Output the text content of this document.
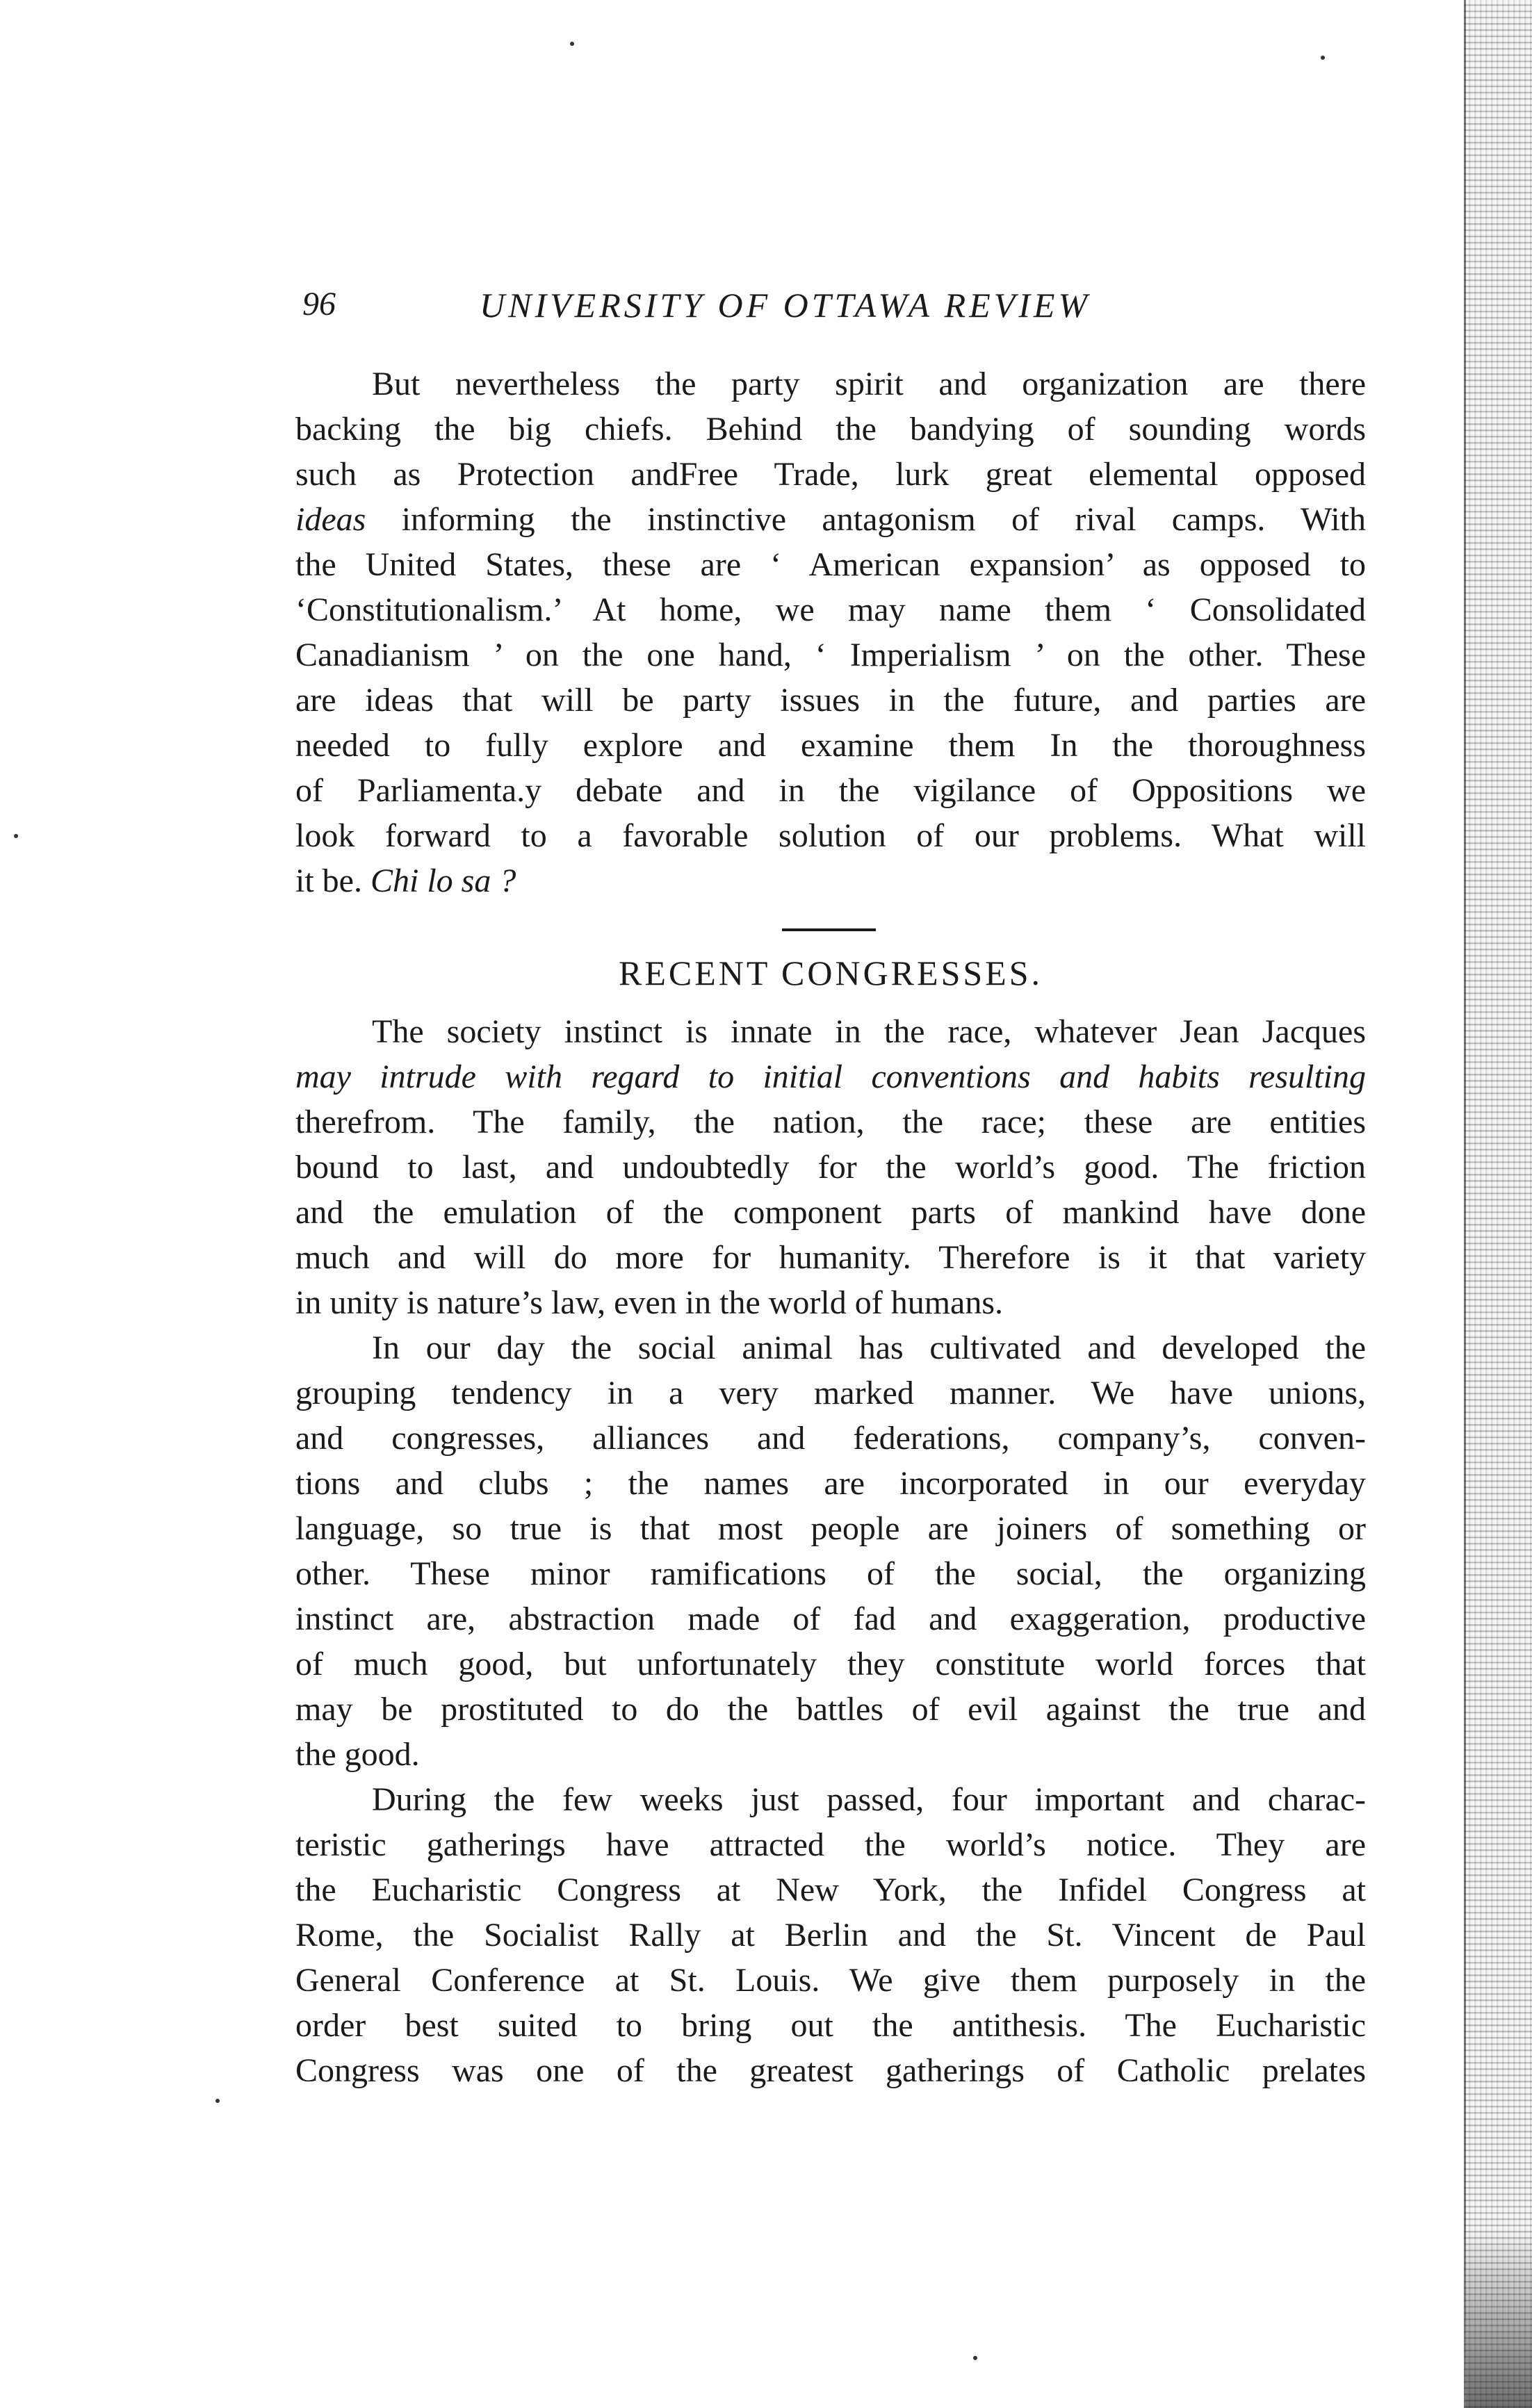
96	UNIVERSITY OF OTTAWA REVIEW
But nevertheless the party spirit and organization are there
backing the big chiefs. Behind the bandying of sounding words
such as Protection andFree Trade, lurk great elemental opposed
ideas informing the instinctive antagonism of rival camps. With
the United States, these are ‘ American expansion’ as opposed to
‘Constitutionalism.’ At home, we may name them ‘ Consolidated
Canadianism ’ on the one hand, ‘ Imperialism ’ on the other. These
are ideas that will be party issues in the future, and parties are
needed to fully explore and examine them In the thoroughness
of Parliamenta.y debate and in the vigilance of Oppositions we
look forward to a favorable solution of our problems. What will
it be. Chi lo sa ?
RECENT CONGRESSES.
The society instinct is innate in the race, whatever Jean Jacques
may intrude with regard to initial conventions and habits resulting
therefrom. The family, the nation, the race; these are entities
bound to last, and undoubtedly for the world’s good. The friction
and the emulation of the component parts of mankind have done
much and will do more for humanity. Therefore is it that variety
in unity is nature’s law, even in the world of humans.
In our day the social animal has cultivated and developed the
grouping tendency in a very marked manner. We have unions,
and congresses, alliances and federations, company’s, conven-
tions and clubs ; the names are incorporated in our everyday
language, so true is that most people are joiners of something or
other. These minor ramifications of the social, the organizing
instinct are, abstraction made of fad and exaggeration, productive
of much good, but unfortunately they constitute world forces that
may be prostituted to do the battles of evil against the true and
the good.
During the few weeks just passed, four important and charac-
teristic gatherings have attracted the world’s notice. They are
the Eucharistic Congress at New York, the Infidel Congress at
Rome, the Socialist Rally at Berlin and the St. Vincent de Paul
General Conference at St. Louis. We give them purposely in the
order best suited to bring out the antithesis. The Eucharistic
Congress was one of the greatest gatherings of Catholic prelates
